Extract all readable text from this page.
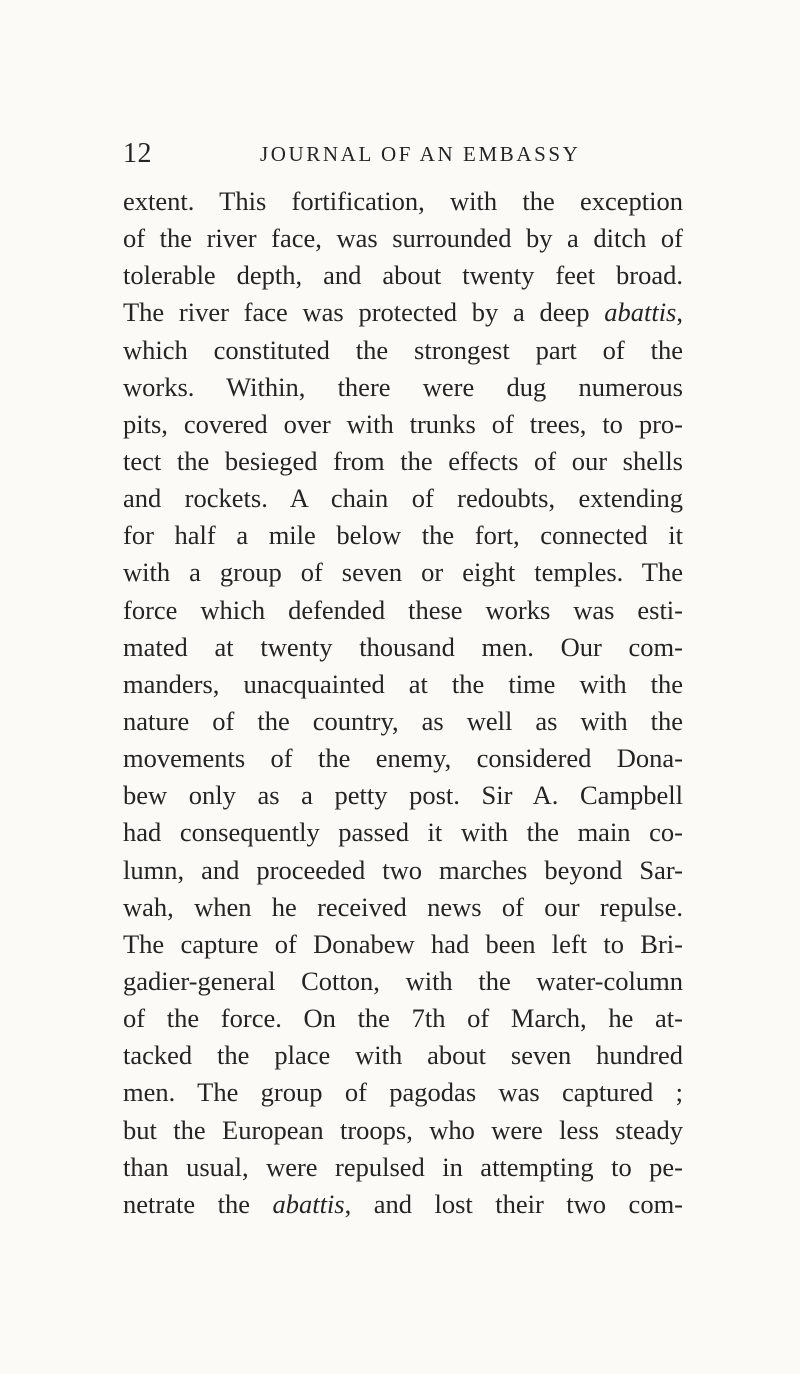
12	JOURNAL OF AN EMBASSY
extent. This fortification, with the exception
of the river face, was surrounded by a ditch of
tolerable depth, and about twenty feet broad.
The river face was protected by a deep abattis,
which constituted the strongest part of the
works. Within, there were dug numerous
pits, covered over with trunks of trees, to pro-
tect the besieged from the effects of our shells
and rockets. A chain of redoubts, extending
for half a mile below the fort, connected it
with a group of seven or eight temples. The
force which defended these works was esti-
mated at twenty thousand men. Our com-
manders, unacquainted at the time with the
nature of the country, as well as with the
movements of the enemy, considered Dona-
bew only as a petty post. Sir A. Campbell
had consequently passed it with the main co-
lumn, and proceeded two marches beyond Sar-
wah, when he received news of our repulse.
The capture of Donabew had been left to Bri-
gadier-general Cotton, with the water-column
of the force. On the 7th of March, he at-
tacked the place with about seven hundred
men. The group of pagodas was captured ;
but the European troops, who were less steady
than usual, were repulsed in attempting to pe-
netrate the abattis, and lost their two com-
